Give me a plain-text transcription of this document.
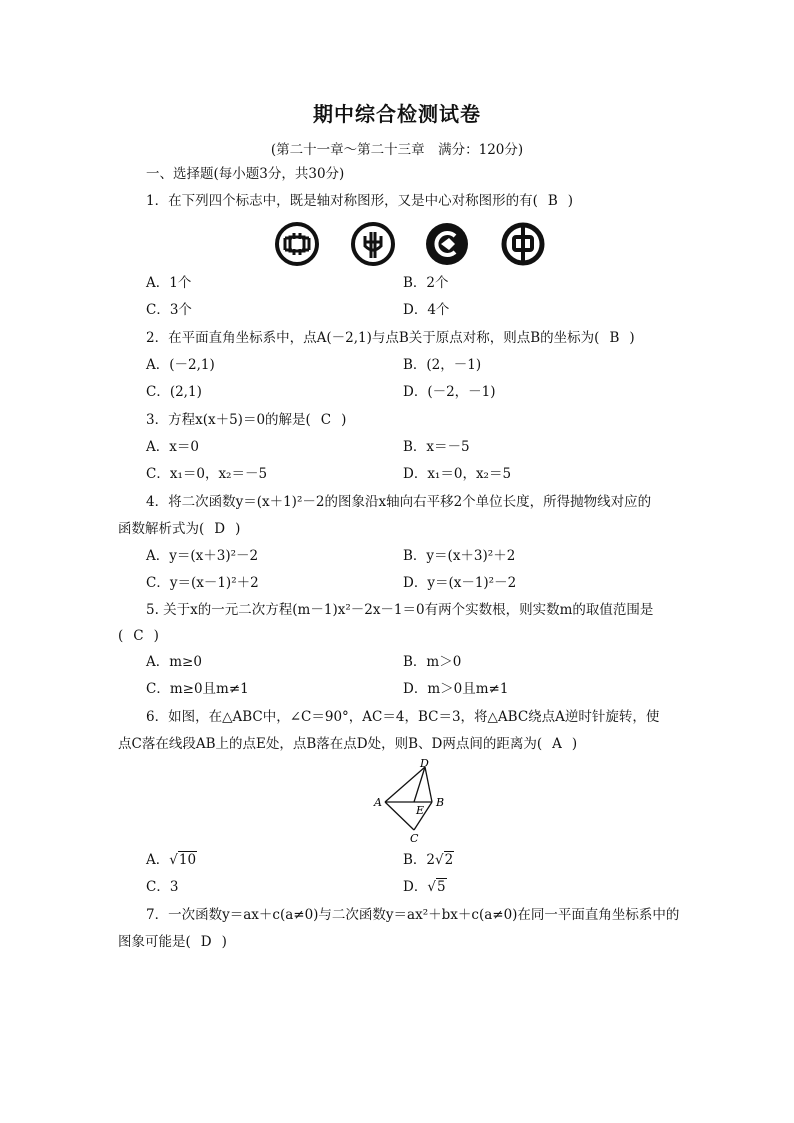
期中综合检测试卷
(第二十一章～第二十三章　满分：120分)
一、选择题(每小题3分，共30分)
1．在下列四个标志中，既是轴对称图形，又是中心对称图形的有( B )
A．1个	B．2个
C．3个	D．4个
2．在平面直角坐标系中，点A(－2,1)与点B关于原点对称，则点B的坐标为( B )
A．(－2,1)	B．(2，－1)
C．(2,1)	D．(－2，－1)
3．方程x(x＋5)＝0的解是( C )
A．x＝0	B．x＝－5
C．x₁＝0，x₂＝－5	D．x₁＝0，x₂＝5
4．将二次函数y＝(x＋1)²－2的图象沿x轴向右平移2个单位长度，所得抛物线对应的
函数解析式为( D )
A．y＝(x＋3)²－2	B．y＝(x＋3)²＋2
C．y＝(x－1)²＋2	D．y＝(x－1)²－2
5. 关于x的一元二次方程(m－1)x²－2x－1＝0有两个实数根，则实数m的取值范围是
( C )
A．m≥0	B．m＞0
C．m≥0且m≠1	D．m＞0且m≠1
6．如图，在△ABC中，∠C＝90°，AC＝4，BC＝3，将△ABC绕点A逆时针旋转，使
点C落在线段AB上的点E处，点B落在点D处，则B、D两点间的距离为( A )
D
A
E
B
C
A．√10	B．2√2
C．3	D．√5
7．一次函数y＝ax＋c(a≠0)与二次函数y＝ax²＋bx＋c(a≠0)在同一平面直角坐标系中的
图象可能是( D )
